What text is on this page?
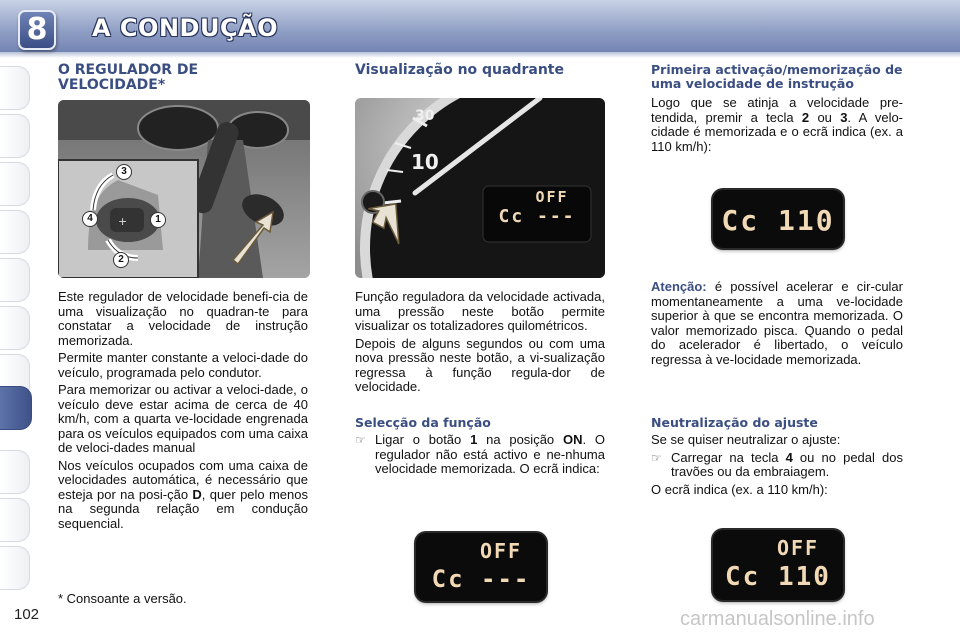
8	A CONDUÇÃO
102
O REGULADOR DE VELOCIDADE*
+
3
4	1
2

Este regulador de velocidade benefi-cia de uma visualização no quadran-te para constatar a velocidade de instrução memorizada.

Permite manter constante a veloci-dade do veículo, programada pelo condutor.

Para memorizar ou activar a veloci-dade, o veículo deve estar acima de cerca de 40 km/h, com a quarta ve-locidade engrenada para os veículos equipados com uma caixa de veloci-dades manual

Nos veículos ocupados com uma caixa de velocidades automática, é necessário que esteja por na posi-ção D, quer pelo menos na segunda relação em condução sequencial.

* Consoante a versão.
Visualização no quadrante
30
10
OFF
Cc ---

Função reguladora da velocidade activada, uma pressão neste botão permite visualizar os totalizadores quilométricos.

Depois de alguns segundos ou com uma nova pressão neste botão, a vi-sualização regressa à função regula-dor de velocidade.

Selecção da função
☞ Ligar o botão 1 na posição ON. O regulador não está activo e ne-nhuma velocidade memorizada. O ecrã indica:
OFF
Cc ---
Primeira activação/memorização de uma velocidade de instrução

Logo que se atinja a velocidade pre-tendida, premir a tecla 2 ou 3. A velo-cidade é memorizada e o ecrã indica (ex. a 110 km/h):

Cc 110

Atenção: é possível acelerar e cir-cular momentaneamente a uma ve-locidade superior à que se encontra memorizada. O valor memorizado pisca. Quando o pedal do acelerador é libertado, o veículo regressa à ve-locidade memorizada.

Neutralização do ajuste

Se se quiser neutralizar o ajuste:

☞ Carregar na tecla 4 ou no pedal dos travões ou da embraiagem.

O ecrã indica (ex. a 110 km/h):

OFF
Cc 110
carmanualsonline.info
